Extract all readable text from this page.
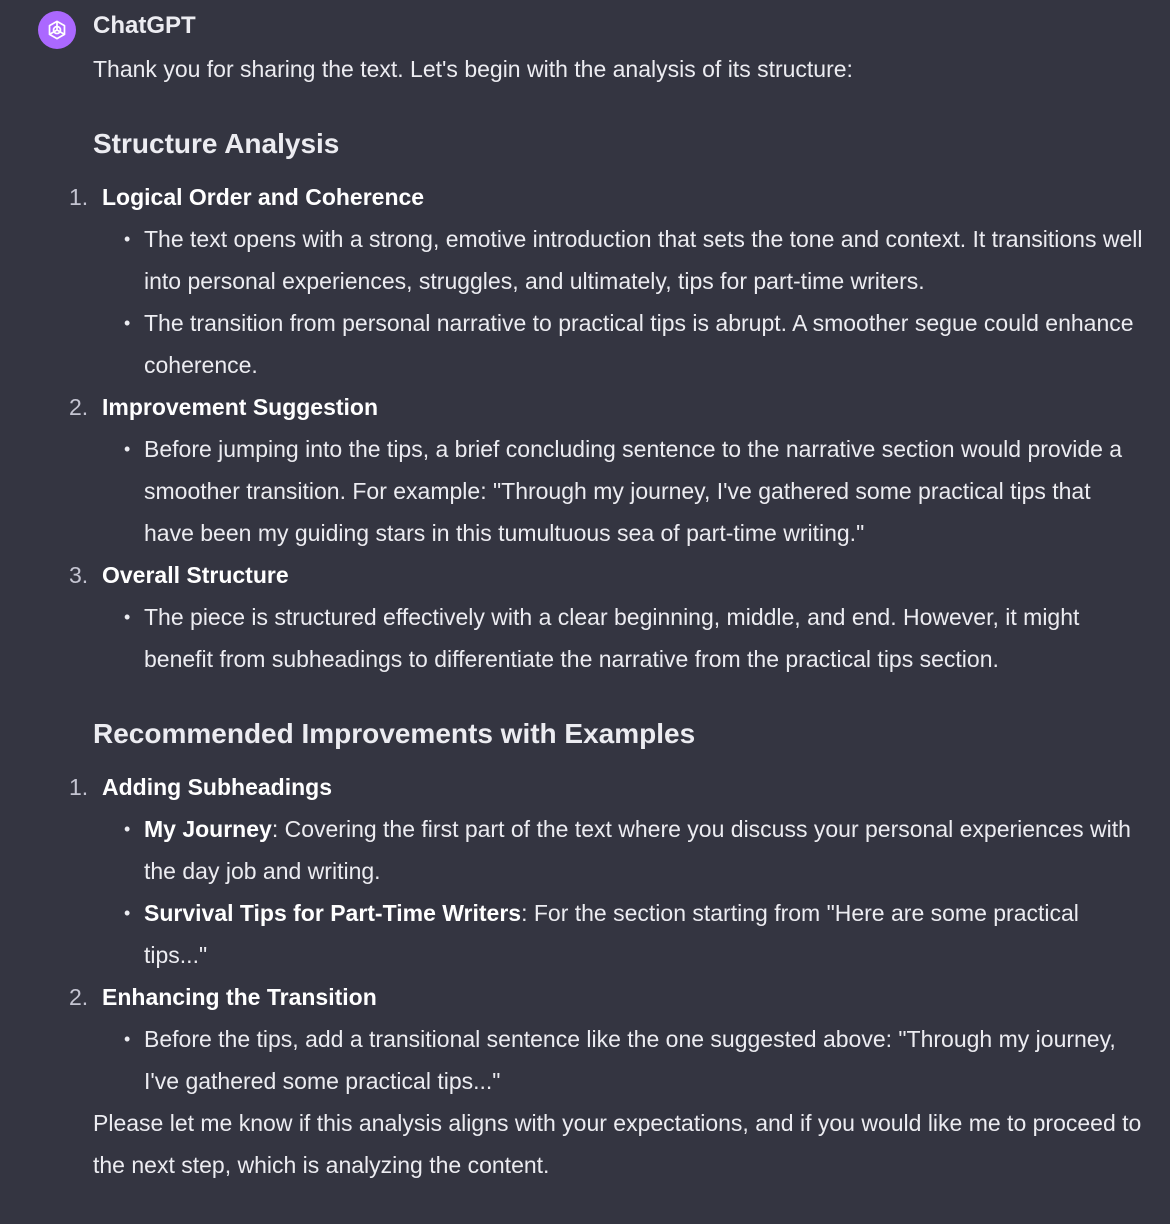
ChatGPT

Thank you for sharing the text. Let's begin with the analysis of its structure:

Structure Analysis
1. Logical Order and Coherence
• The text opens with a strong, emotive introduction that sets the tone and context. It transitions well into personal experiences, struggles, and ultimately, tips for part-time writers.
• The transition from personal narrative to practical tips is abrupt. A smoother segue could enhance coherence.
2. Improvement Suggestion
• Before jumping into the tips, a brief concluding sentence to the narrative section would provide a smoother transition. For example: "Through my journey, I've gathered some practical tips that have been my guiding stars in this tumultuous sea of part-time writing."
3. Overall Structure
• The piece is structured effectively with a clear beginning, middle, and end. However, it might benefit from subheadings to differentiate the narrative from the practical tips section.
Recommended Improvements with Examples
1. Adding Subheadings
• My Journey: Covering the first part of the text where you discuss your personal experiences with the day job and writing.
• Survival Tips for Part-Time Writers: For the section starting from "Here are some practical tips..."
2. Enhancing the Transition
• Before the tips, add a transitional sentence like the one suggested above: "Through my journey, I've gathered some practical tips..."

Please let me know if this analysis aligns with your expectations, and if you would like me to proceed to the next step, which is analyzing the content.
